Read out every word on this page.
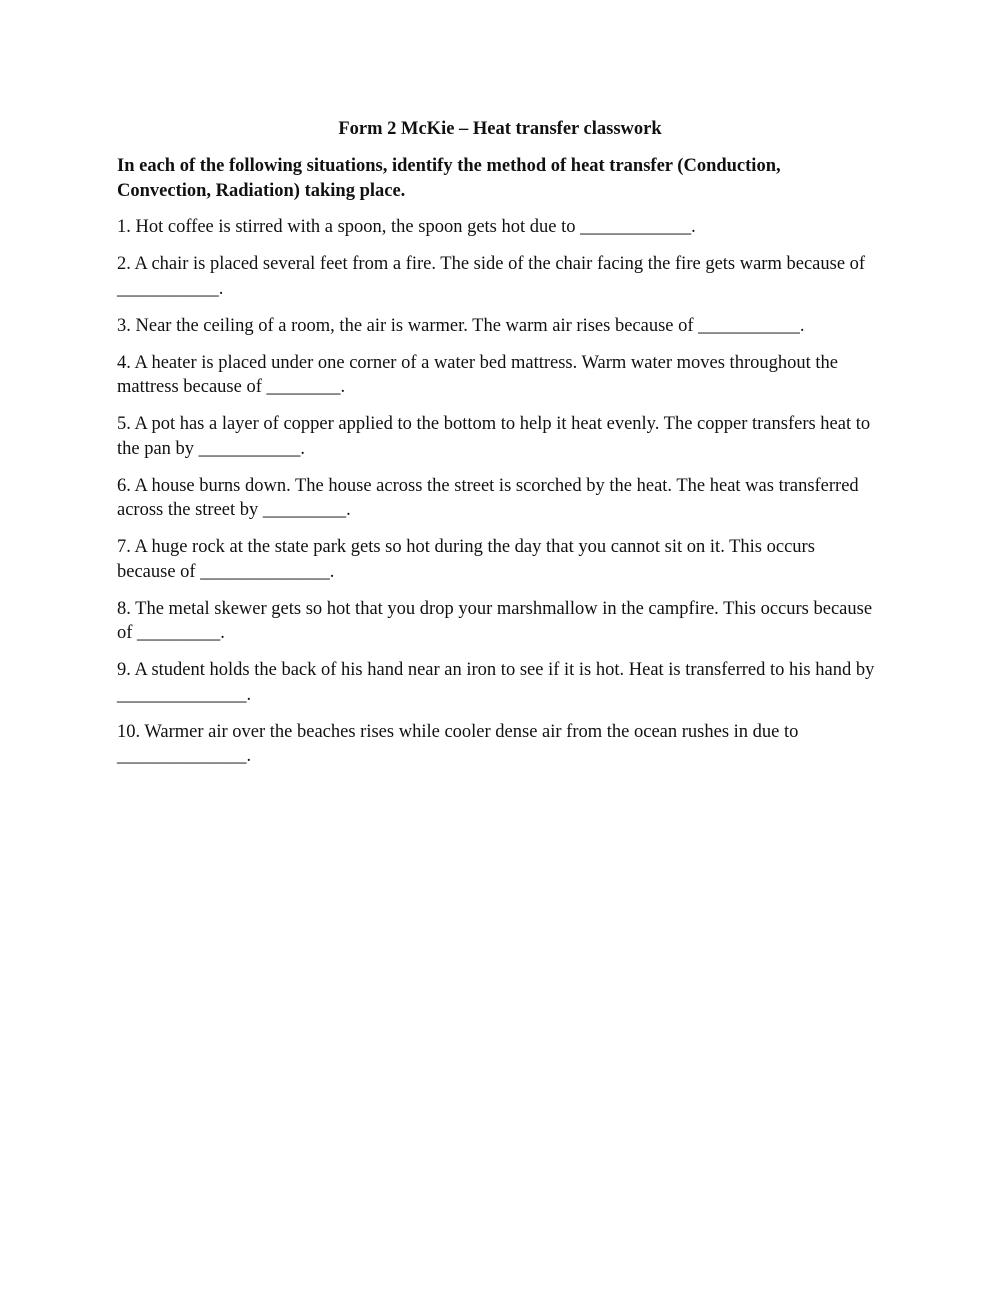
Form 2 McKie – Heat transfer classwork

In each of the following situations, identify the method of heat transfer (Conduction, Convection, Radiation) taking place.

1. Hot coffee is stirred with a spoon, the spoon gets hot due to ____________.
2. A chair is placed several feet from a fire. The side of the chair facing the fire gets warm because of ___________.
3. Near the ceiling of a room, the air is warmer. The warm air rises because of ___________.
4. A heater is placed under one corner of a water bed mattress. Warm water moves throughout the mattress because of ________.
5. A pot has a layer of copper applied to the bottom to help it heat evenly. The copper transfers heat to the pan by ___________.
6. A house burns down. The house across the street is scorched by the heat. The heat was transferred across the street by _________.
7. A huge rock at the state park gets so hot during the day that you cannot sit on it. This occurs because of ______________.
8. The metal skewer gets so hot that you drop your marshmallow in the campfire. This occurs because of _________.
9. A student holds the back of his hand near an iron to see if it is hot. Heat is transferred to his hand by ______________.
10. Warmer air over the beaches rises while cooler dense air from the ocean rushes in due to ______________.
